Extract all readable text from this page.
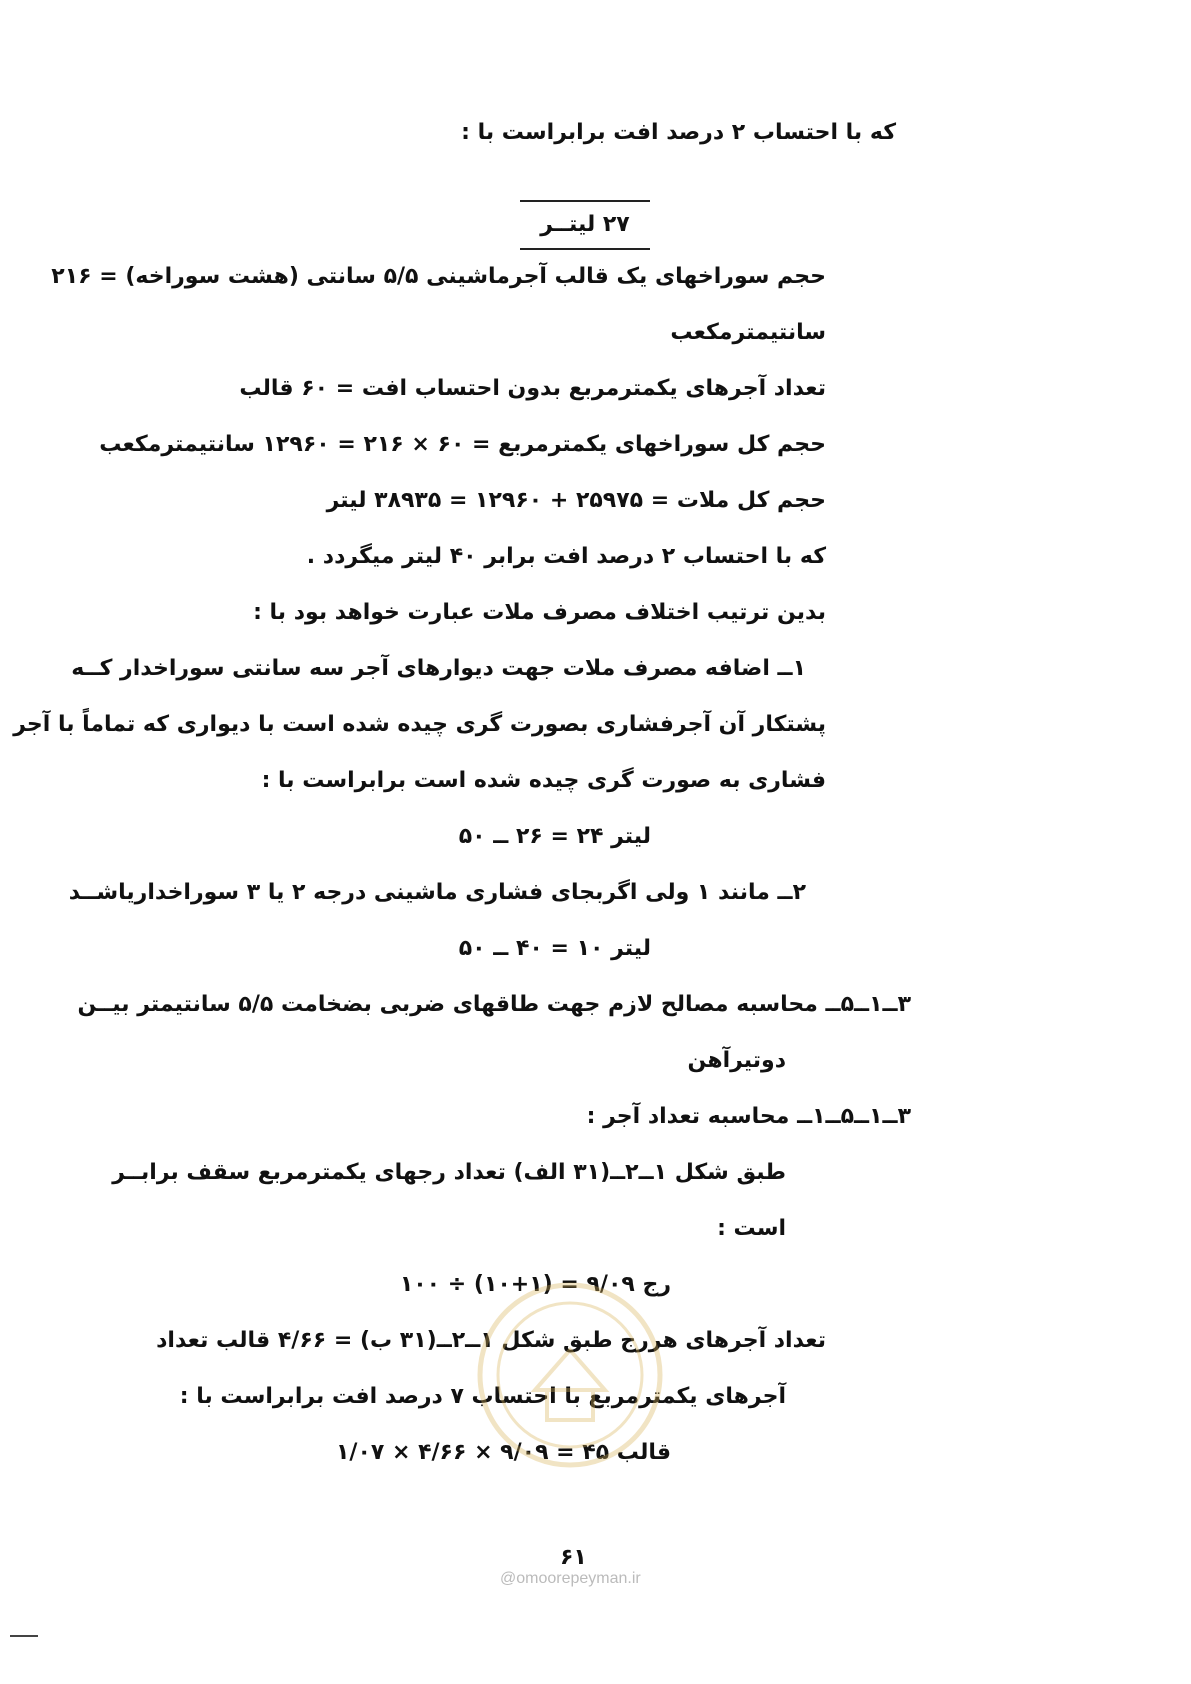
که با احتساب ۲ درصد افت برابراست با :
۲۷ لیتــر
حجم سوراخهای یک قالب آجرماشینی ۵/۵ سانتی (هشت سوراخه) = ۲۱۶
سانتیمترمکعب
تعداد آجرهای یکمترمربع بدون احتساب افت = ۶۰ قالب
حجم کل سوراخهای یکمترمربع = ۶۰ × ۲۱۶ = ۱۲۹۶۰ سانتیمترمکعب
حجم کل ملات = ۲۵۹۷۵ + ۱۲۹۶۰ = ۳۸۹۳۵ لیتر
که با احتساب ۲ درصد افت برابر ۴۰ لیتر میگردد .
بدین ترتیب اختلاف مصرف ملات عبارت خواهد بود با :
۱ــ اضافه مصرف ملات جهت دیوارهای آجر سه سانتی سوراخدار کــه
پشتکار آن آجرفشاری بصورت گری چیده شده است با دیواری که تماماً با آجر
فشاری به صورت گری چیده شده است برابراست با :
لیتر ۲۴ = ۲۶ ــ ۵۰
۲ــ مانند ۱ ولی اگربجای فشاری ماشینی درجه ۲ یا ۳ سوراخداریاشــد
لیتر ۱۰ = ۴۰ ــ ۵۰
۳ــ۱ــ۵ــ محاسبه مصالح لازم جهت طاقهای ضربی بضخامت ۵/۵ سانتیمتر بیــن
دوتیرآهن
۳ــ۱ــ۵ــ۱ــ محاسبه تعداد آجر :
طبق شکل ۱ــ۲ــ(۳۱ الف) تعداد رجهای یکمترمربع سقف برابــر
است :
رج ۹/۰۹ = (۱+۱۰) ÷ ۱۰۰
تعداد آجرهای هررج طبق شکل ۱ــ۲ــ(۳۱ ب) = ۴/۶۶ قالب تعداد
آجرهای یکمترمربع با احتساب ۷ درصد افت برابراست با :
قالب ۴۵ = ۹/۰۹ × ۴/۶۶ × ۱/۰۷
۶۱
@omoorepeyman.ir
